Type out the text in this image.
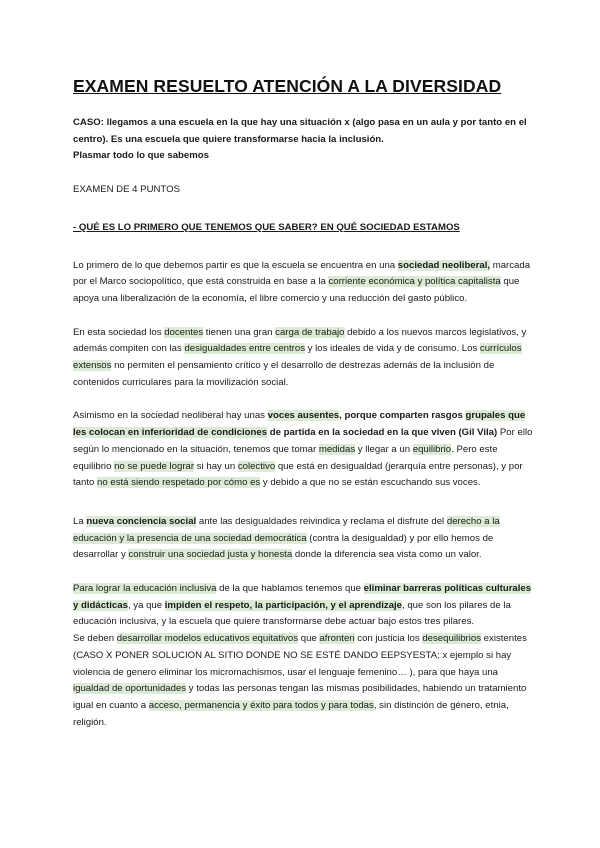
EXAMEN RESUELTO ATENCIÓN A LA DIVERSIDAD

CASO: llegamos a una escuela en la que hay una situación x (algo pasa en un aula y por tanto en el centro). Es una escuela que quiere transformarse hacia la inclusión.
Plasmar todo lo que sabemos

EXAMEN DE 4 PUNTOS

- QUÉ ES LO PRIMERO QUE TENEMOS QUE SABER? EN QUÉ SOCIEDAD ESTAMOS

Lo primero de lo que debemos partir es que la escuela se encuentra en una sociedad neoliberal, marcada por el Marco sociopolítico, que está construida en base a la corriente económica y política capitalista que apoya una liberalización de la economía, el libre comercio y una reducción del gasto público.

En esta sociedad los docentes tienen una gran carga de trabajo debido a los nuevos marcos legislativos, y además compiten con las desigualdades entre centros y los ideales de vida y de consumo. Los currículos extensos no permiten el pensamiento crítico y el desarrollo de destrezas además de la inclusión de contenidos curriculares para la movilización social.

Asimismo en la sociedad neoliberal hay unas voces ausentes, porque comparten rasgos grupales que les colocan en inferioridad de condiciones de partida en la sociedad en la que viven (Gil Vila) Por ello según lo mencionado en la situación, tenemos que tomar medidas y llegar a un equilibrio. Pero este equilibrio no se puede lograr si hay un colectivo que está en desigualdad (jerarquía entre personas), y por tanto no está siendo respetado por cómo es y debido a que no se están escuchando sus voces.

La nueva conciencia social ante las desigualdades reivindica y reclama el disfrute del derecho a la educación y la presencia de una sociedad democrática (contra la desigualdad) y por ello hemos de desarrollar y construir una sociedad justa y honesta donde la diferencia sea vista como un valor.

Para lograr la educación inclusiva de la que hablamos tenemos que eliminar barreras políticas culturales y didácticas, ya que impiden el respeto, la participación, y el aprendizaje, que son los pilares de la educación inclusiva, y la escuela que quiere transformarse debe actuar bajo estos tres pilares.

Se deben desarrollar modelos educativos equitativos que afronten con justicia los desequilibrios existentes (CASO X PONER SOLUCION AL SITIO DONDE NO SE ESTÉ DANDO EEPSYESTA; x ejemplo si hay violencia de genero eliminar los micromachismos, usar el lenguaje femenino… ), para que haya una igualdad de oportunidades y todas las personas tengan las mismas posibilidades, habiendo un tratamiento igual en cuanto a acceso, permanencia y éxito para todos y para todas, sin distinción de género, etnia, religión.
